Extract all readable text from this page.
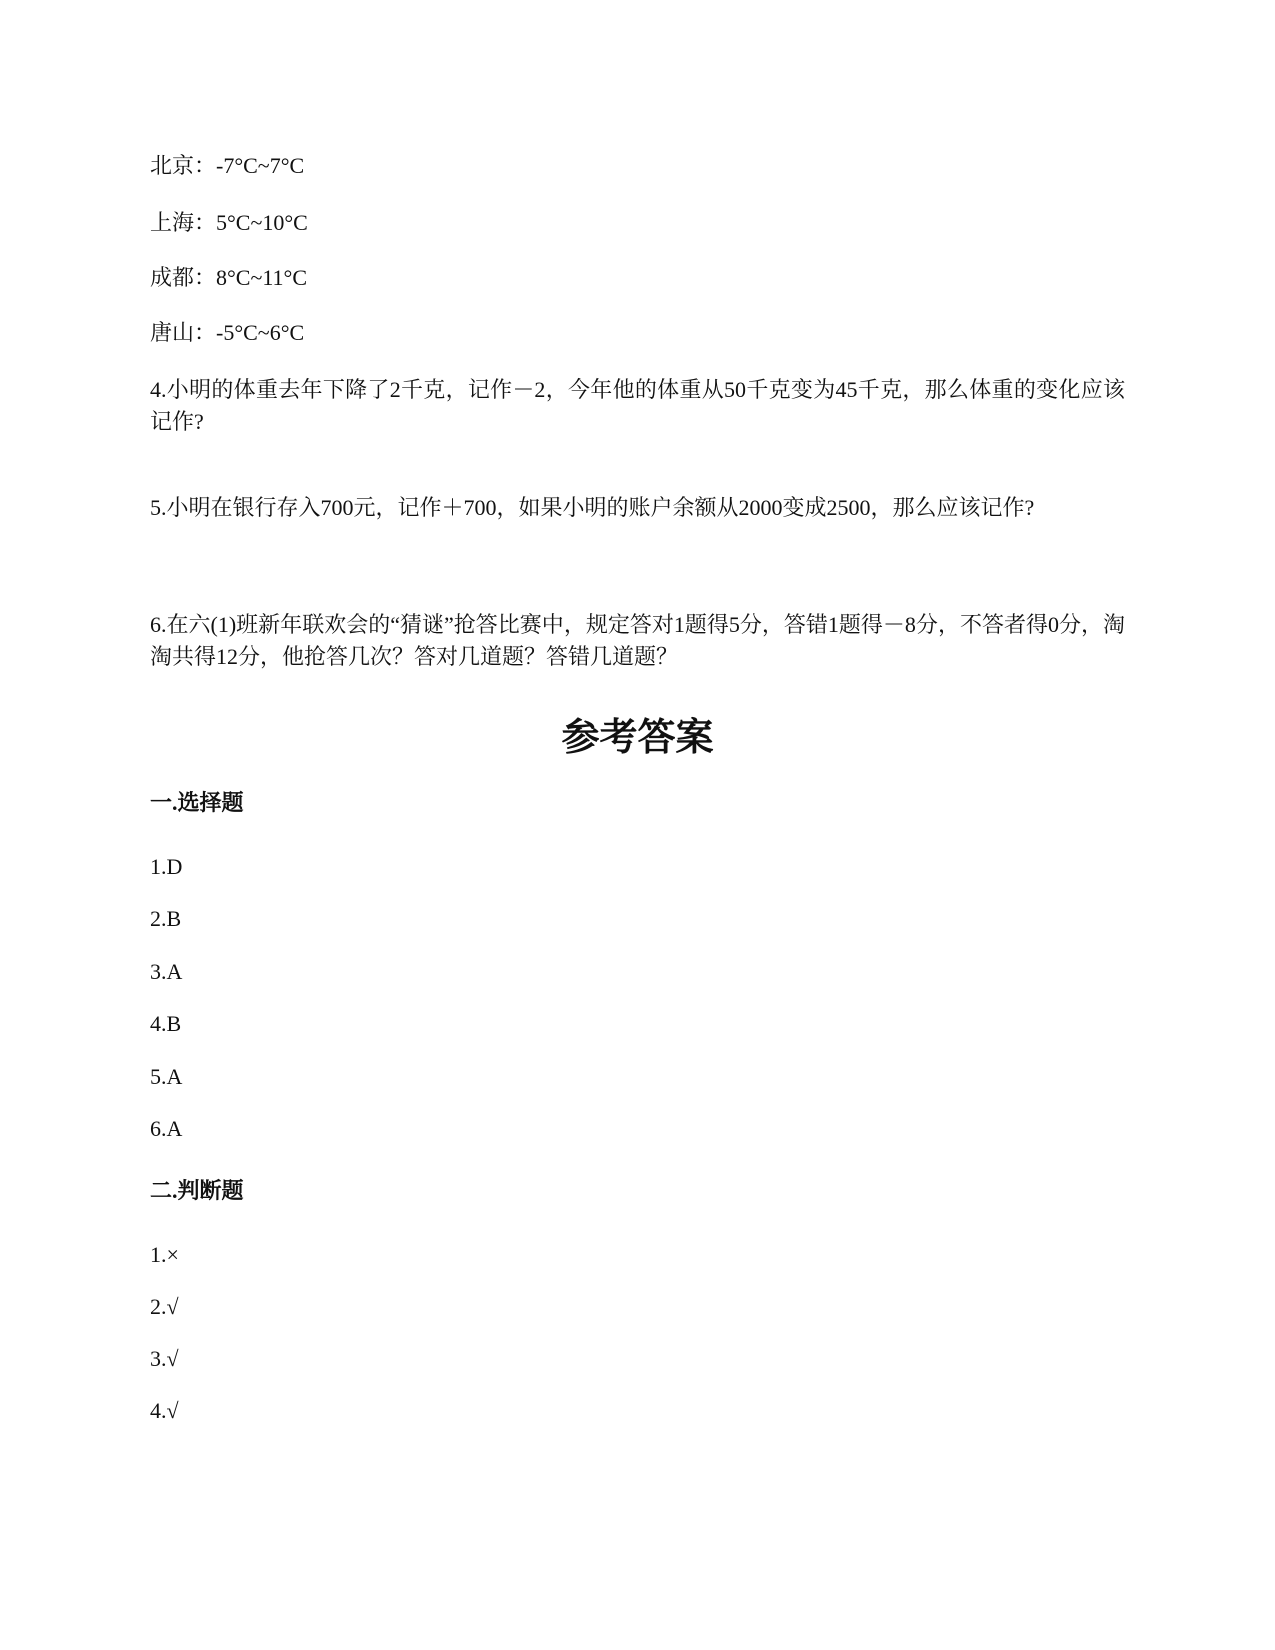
北京：-7°C~7°C
上海：5°C~10°C
成都：8°C~11°C
唐山：-5°C~6°C
4.小明的体重去年下降了2千克，记作－2，今年他的体重从50千克变为45千克，那么体重的变化应该记作?
5.小明在银行存入700元，记作＋700，如果小明的账户余额从2000变成2500，那么应该记作?
6.在六(1)班新年联欢会的“猜谜”抢答比赛中，规定答对1题得5分，答错1题得－8分，不答者得0分，淘淘共得12分，他抢答几次？答对几道题？答错几道题？
参考答案
一.选择题
1.D
2.B
3.A
4.B
5.A
6.A
二.判断题
1.×
2.√
3.√
4.√
